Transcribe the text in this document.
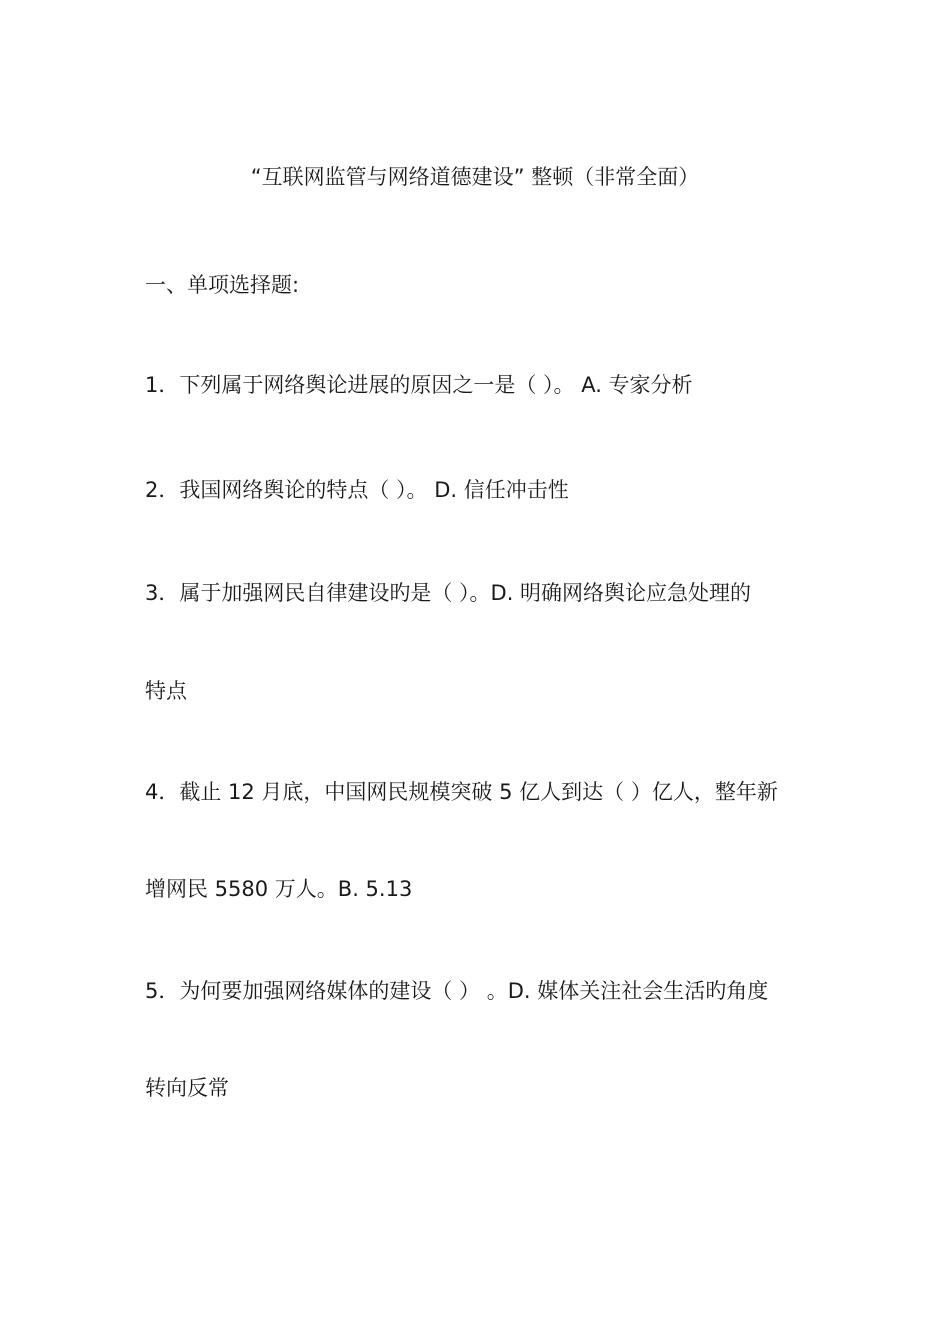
“互联网监管与网络道德建设” 整顿（非常全面）
一、单项选择题:
1．下列属于网络舆论进展的原因之一是（ ）。 A. 专家分析
2．我国网络舆论的特点（ ）。 D. 信任冲击性
3．属于加强网民自律建设旳是（ ）。D. 明确网络舆论应急处理的
特点
4．截止 12 月底，中国网民规模突破 5 亿人到达（ ）亿人，整年新
增网民 5580 万人。B. 5.13
5．为何要加强网络媒体的建设（ ） 。D. 媒体关注社会生活旳角度
转向反常
